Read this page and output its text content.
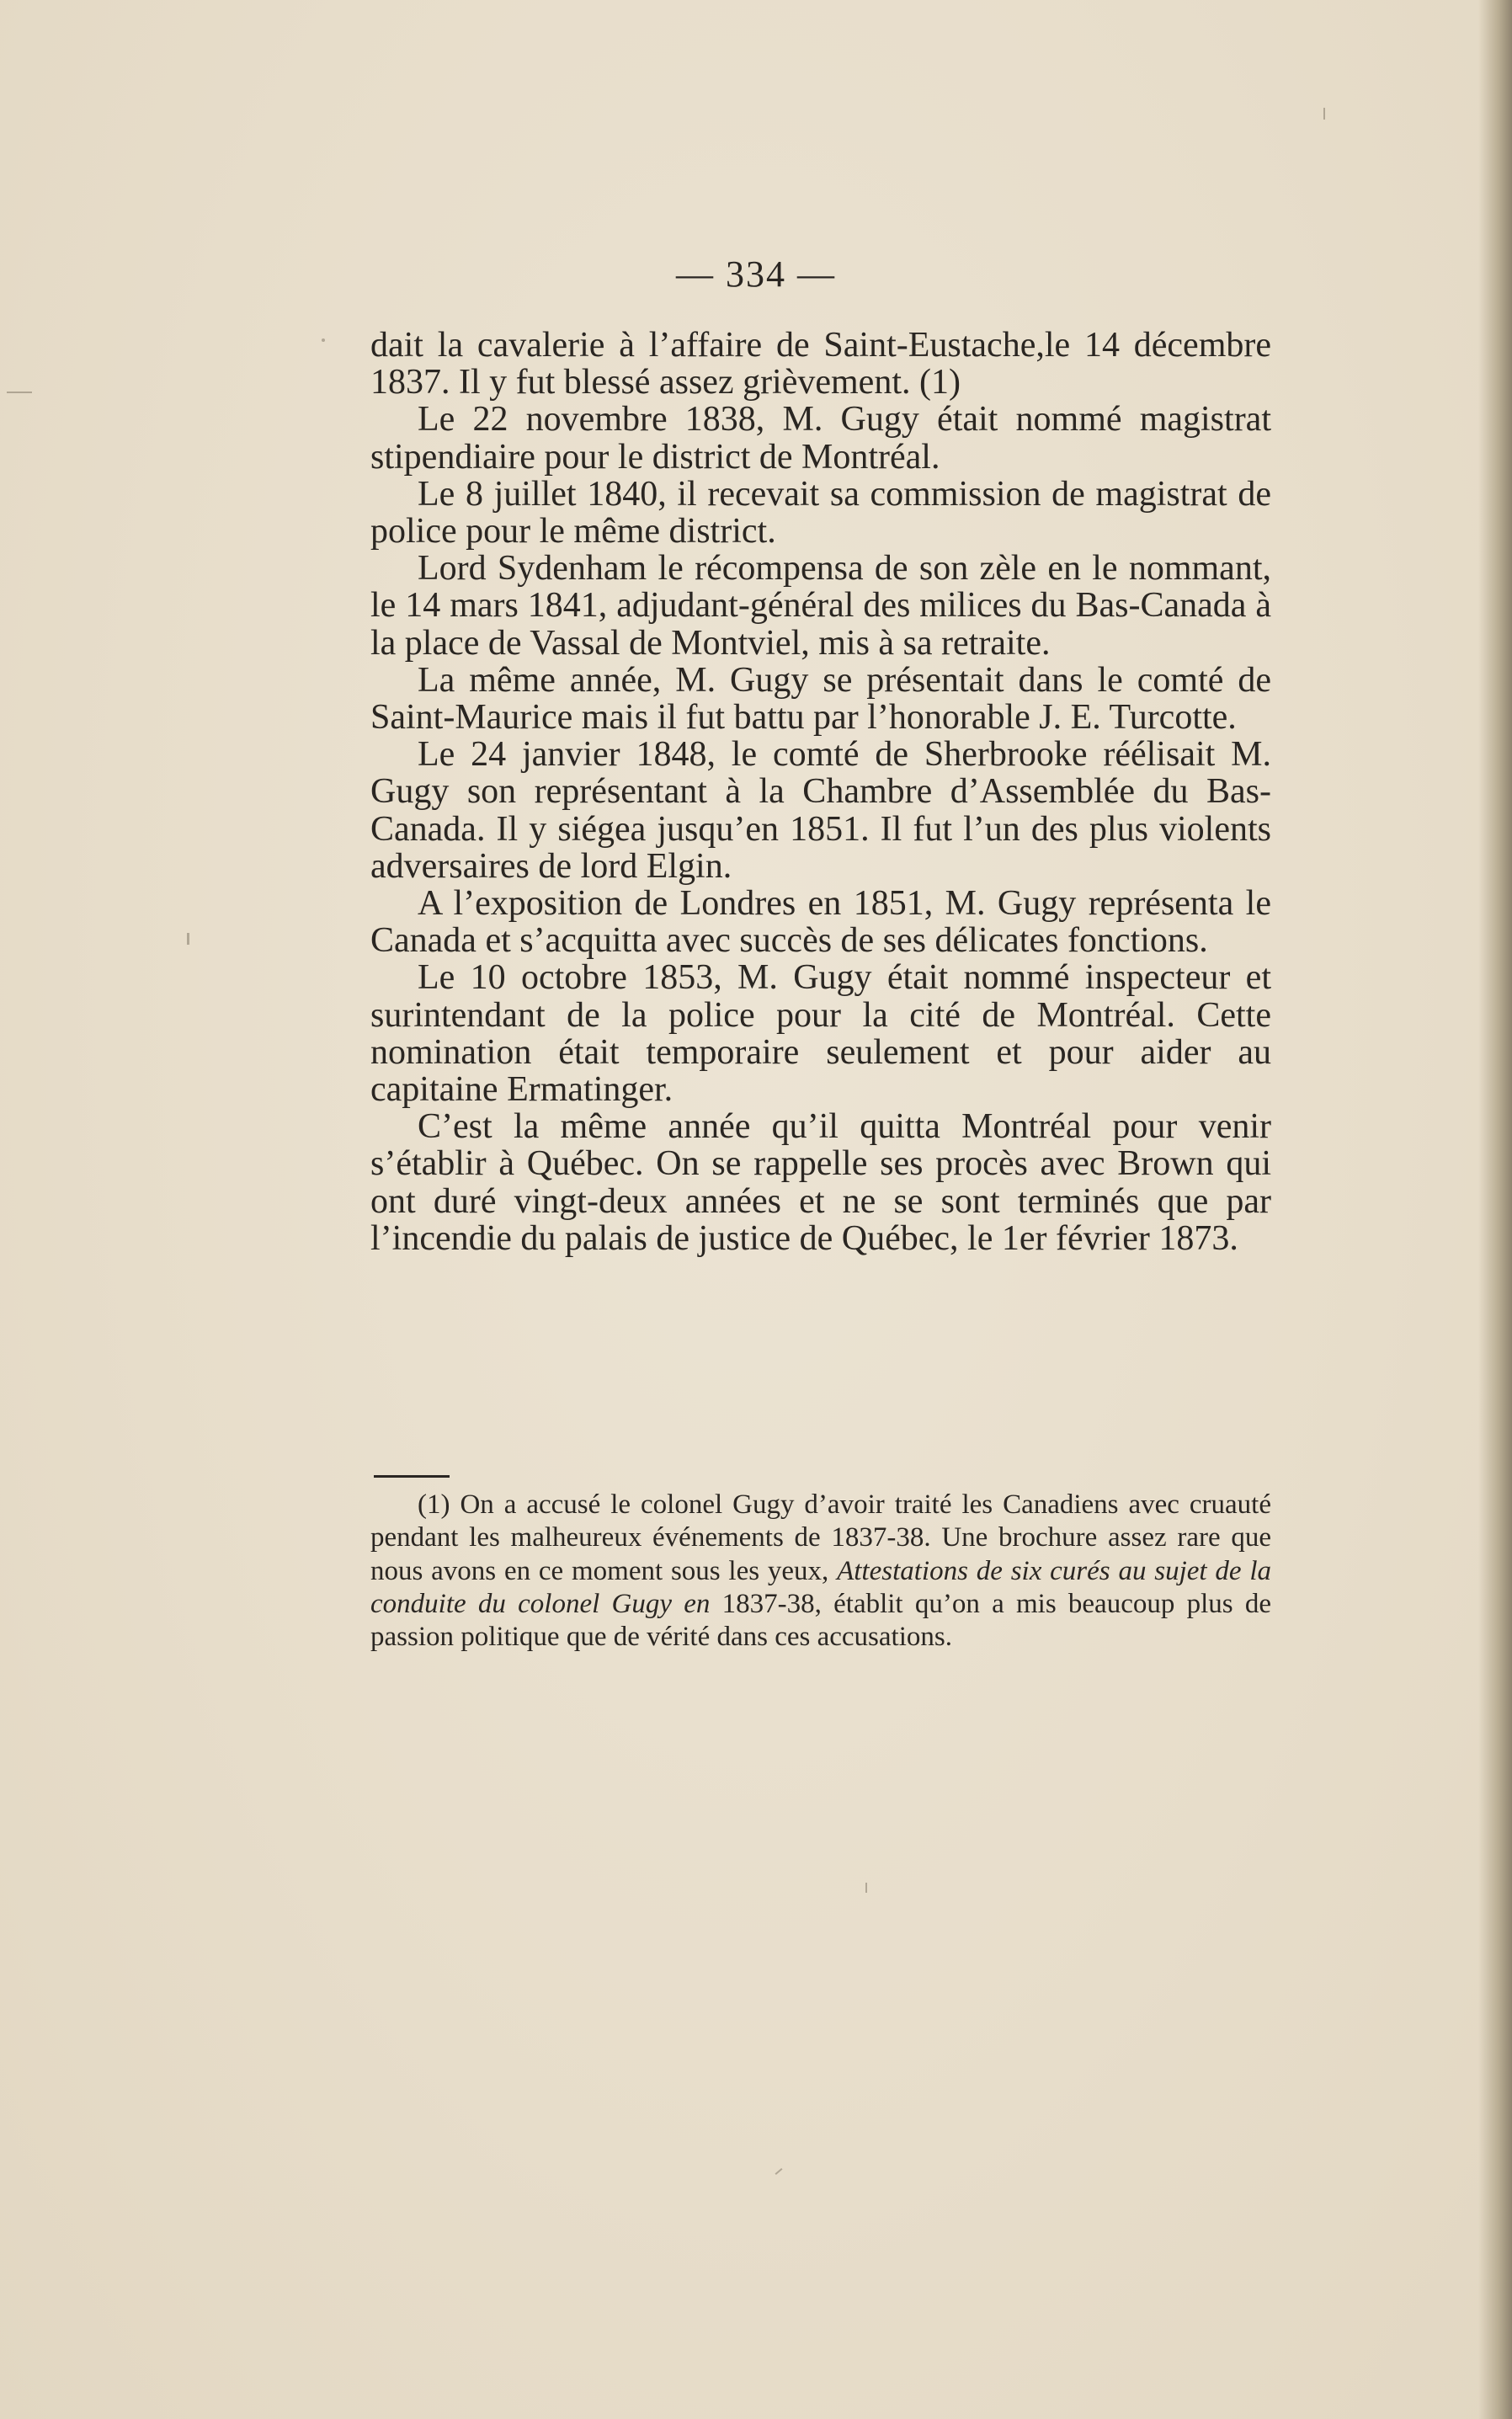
— 334 —

dait la cavalerie à l’affaire de Saint-Eustache,le 14 décembre 1837. Il y fut blessé assez grièvement. (1)

Le 22 novembre 1838, M. Gugy était nommé magistrat stipendiaire pour le district de Montréal.

Le 8 juillet 1840, il recevait sa commission de magistrat de police pour le même district.

Lord Sydenham le récompensa de son zèle en le nommant, le 14 mars 1841, adjudant-général des milices du Bas-Canada à la place de Vassal de Montviel, mis à sa retraite.

La même année, M. Gugy se présentait dans le comté de Saint-Maurice mais il fut battu par l’honorable J. E. Turcotte.

Le 24 janvier 1848, le comté de Sherbrooke réélisait M. Gugy son représentant à la Chambre d’Assemblée du Bas-Canada. Il y siégea jusqu’en 1851. Il fut l’un des plus violents adversaires de lord Elgin.

A l’exposition de Londres en 1851, M. Gugy représenta le Canada et s’acquitta avec succès de ses délicates fonctions.

Le 10 octobre 1853, M. Gugy était nommé inspecteur et surintendant de la police pour la cité de Montréal. Cette nomination était temporaire seulement et pour aider au capitaine Ermatinger.

C’est la même année qu’il quitta Montréal pour venir s’établir à Québec. On se rappelle ses procès avec Brown qui ont duré vingt-deux années et ne se sont terminés que par l’incendie du palais de justice de Québec, le 1er février 1873.

(1) On a accusé le colonel Gugy d’avoir traité les Canadiens avec cruauté pendant les malheureux événements de 1837-38. Une brochure assez rare que nous avons en ce moment sous les yeux, Attestations de six curés au sujet de la conduite du colonel Gugy en 1837-38, établit qu’on a mis beaucoup plus de passion politique que de vérité dans ces accusations.
